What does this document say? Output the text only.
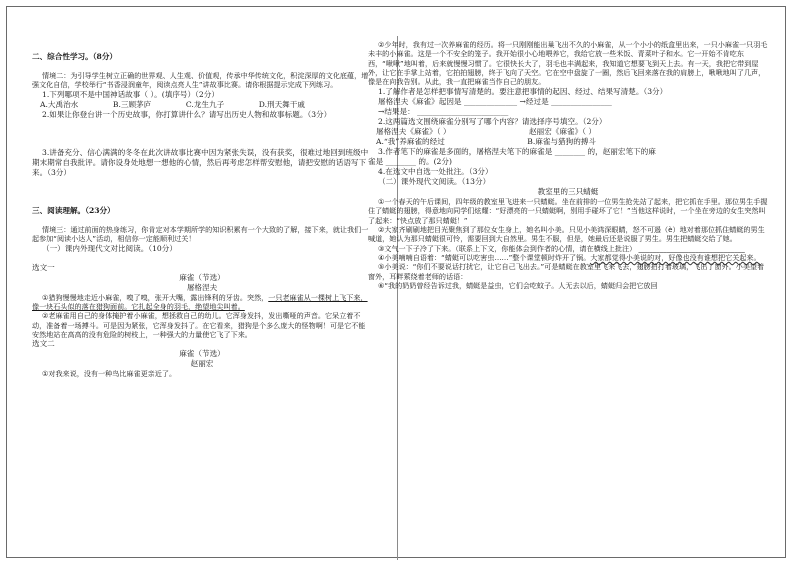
二、综合性学习。（8分）

情境二：为引导学生树立正确的世界观、人生观、价值观，传承中华传统文化，积淀深厚的文化底蕴，增强文化自信，学校举行“书香浸润童年，阅读点亮人生”讲故事比赛。请你根据提示完成下列练习。

1.下列哪项不是中国神话故事（ ）。(填序号）（2分）

A.大禹治水	B.三顾茅庐	C.龙生九子	D.刑天舞干戚

2.如果让你登台讲一个历史故事，你打算讲什么？请写出历史人物和故事标题。（3分）

3.讲备充分、信心满满的冬冬在此次讲故事比赛中因为紧张失误，没有获奖，很难过地回到班级中期末期常自我批评。请你设身处地想一想他的心情，然后再考虑怎样帮安慰他，请把安慰的话语写下来。（3分）

三、阅读理解。（23分）

情境三：通过前面的热身练习，你肯定对本学期所学的知识积累有一个大致的了解，接下来，就让我们一起参加“阅读小达人”活动，相信你一定能顺利过关！

（一）课内外现代文对比阅读。（10分）

选文一

麻雀（节选）

屠格涅夫

①猎狗慢慢地走近小麻雀，嗅了嗅，张开大嘴，露出锋利的牙齿。突然，一只老麻雀从一棵树上飞下来，像一块石头似的落在猎狗面前。它扎起全身的羽毛，绝望地尖叫着。

②老麻雀用自己的身体掩护着小麻雀，想拯救自己的幼儿。它浑身发抖，发出嘶哑的声音。它呆立着不动，准备着一场搏斗。可是因为紧张，它浑身发抖了。在它看来，猎狗是个多么庞大的怪物啊！可是它不能安然地站在高高的没有危险的树枝上，一种强大的力量使它飞了下来。

选文二

麻雀（节选）

赵丽宏

①对我来说，没有一种鸟比麻雀更亲近了。

②少年时，我有过一次养麻雀的经历。将一只刚刚能出巢飞出不久的小麻雀，从一个小小的纸盒里出来，一只小麻雀一只羽毛未丰的小麻雀。这是一个不安全的笼子。我开始很小心地喂养它，我给它放一些米饭、青菜叶子和水。它一开始不肯吃东西，“啾啾”地叫着，后来就慢慢习惯了。它很快长大了，羽毛也丰满起来，我知道它想要飞到天上去。有一天，我把它带到屋外，让它在手掌上站着，它拍拍翅膀，终于飞向了天空。它在空中盘旋了一圈，然后飞回来落在我的肩膀上，啾啾地叫了几声，像是在向我告别。从此，我一直把麻雀当作自己的朋友。

1.了解作者是怎样把事情写清楚的。要注意把事情的起因、经过、结果写清楚。（3分）

屠格涅夫《麻雀》起因是 ______________ →经过是 ________________

→结果是： ________________________

2.这两篇选文围绕麻雀分别写了哪个内容？请选择序号填空。（2分）

屠格涅夫《麻雀》（ ）	赵丽宏《麻雀》（ ）
A.“我”养麻雀的经过	B.麻雀与猎狗的搏斗

3.作者笔下的麻雀是多面的，屠格涅夫笔下的麻雀是 ________ 的，赵丽宏笔下的麻

雀是 ________ 的。(2分)

4.在选文中自选一处批注。（3分）

（二）课外现代文阅读。（13分）

教室里的三只蜻蜓

①一个春天的午后课间，四年级的教室里飞进来一只蜻蜓。坐在前排的一位男生抢先站了起来，把它抓在手里。那位男生手握住了蜻蜓的翅膀，得意地向同学们炫耀：“好漂亮的一只蜻蜓啊，别用手碰坏了它！”当他这样说时，一个坐在旁边的女生突然叫了起来：“快点放了那只蜻蜓！”

②大家齐刷刷地把目光聚焦到了那位女生身上，她名叫小美。只见小美鸿深眼睛，怒不可遏（è）地对着那位抓住蜻蜓的男生喊道，她认为那只蜻蜓很可怜，需要回到大自然里。男生不服，但是，她最后还是说服了男生。男生把蜻蜓交给了她。

③文气一下子冷了下来。（联系上下文，你能体会到作者的心情，请在横线上批注） ______________________________

④小美喃喃自语着：“蜻蜓可以吃害虫……”整个课堂顿时炸开了锅。大家都觉得小美说的对，好像也没有谁想把它关起来。

⑤小美说：“你们不要说话打扰它，让它自己飞出去。”可是蜻蜓在教室里飞来飞去，翅膀拍打着玻璃，飞出了窗外。小美望着窗外，耳畔萦绕着老师的话语：

⑥“我的奶奶曾经告诉过我，蜻蜓是益虫，它们会吃蚊子。人无去以后，蜻蜓归会把它放回
